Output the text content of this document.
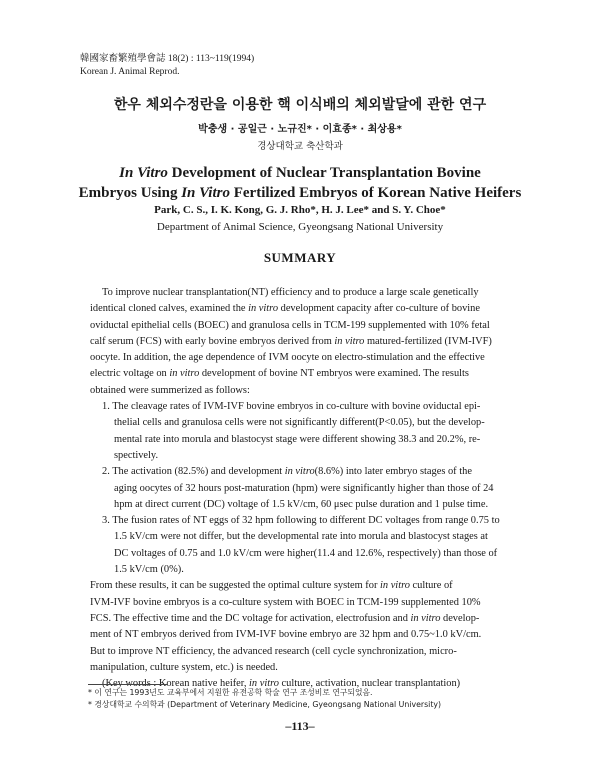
韓國家畜繁殖學會誌 18(2) : 113~119(1994)
Korean J. Animal Reprod.
한우 체외수정란을 이용한 핵 이식배의 체외발달에 관한 연구
박충생 · 공일근 · 노규진* · 이효종* · 최상용*
경상대학교 축산학과
In Vitro Development of Nuclear Transplantation Bovine
Embryos Using In Vitro Fertilized Embryos of Korean Native Heifers
Park, C. S., I. K. Kong, G. J. Rho*, H. J. Lee* and S. Y. Choe*
Department of Animal Science, Gyeongsang National University
SUMMARY
To improve nuclear transplantation(NT) efficiency and to produce a large scale genetically
identical cloned calves, examined the in vitro development capacity after co-culture of bovine
oviductal epithelial cells (BOEC) and granulosa cells in TCM-199 supplemented with 10% fetal
calf serum (FCS) with early bovine embryos derived from in vitro matured-fertilized (IVM-IVF)
oocyte. In addition, the age dependence of IVM oocyte on electro-stimulation and the effective
electric voltage on in vitro development of bovine NT embryos were examined. The results
obtained were summerized as follows:
1. The cleavage rates of IVM-IVF bovine embryos in co-culture with bovine oviductal epi-
thelial cells and granulosa cells were not significantly different(P<0.05), but the develop-
mental rate into morula and blastocyst stage were different showing 38.3 and 20.2%, re-
spectively.
2. The activation (82.5%) and development in vitro(8.6%) into later embryo stages of the
aging oocytes of 32 hours post-maturation (hpm) were significantly higher than those of 24
hpm at direct current (DC) voltage of 1.5 kV/cm, 60 μsec pulse duration and 1 pulse time.
3. The fusion rates of NT eggs of 32 hpm following to different DC voltages from range 0.75 to
1.5 kV/cm were not differ, but the developmental rate into morula and blastocyst stages at
DC voltages of 0.75 and 1.0 kV/cm were higher(11.4 and 12.6%, respectively) than those of
1.5 kV/cm (0%).
From these results, it can be suggested the optimal culture system for in vitro culture of
IVM-IVF bovine embryos is a co-culture system with BOEC in TCM-199 supplemented 10%
FCS. The effective time and the DC voltage for activation, electrofusion and in vitro develop-
ment of NT embryos derived from IVM-IVF bovine embryo are 32 hpm and 0.75~1.0 kV/cm.
But to improve NT efficiency, the advanced research (cell cycle synchronization, micro-
manipulation, culture system, etc.) is needed.
(Key words : Korean native heifer, in vitro culture, activation, nuclear transplantation)
* 이 연구는 1993년도 교육부에서 지원한 유전공학 학술 연구 조성비로 연구되었음.
* 경상대학교 수의학과 (Department of Veterinary Medicine, Gyeongsang National University)
–113–
